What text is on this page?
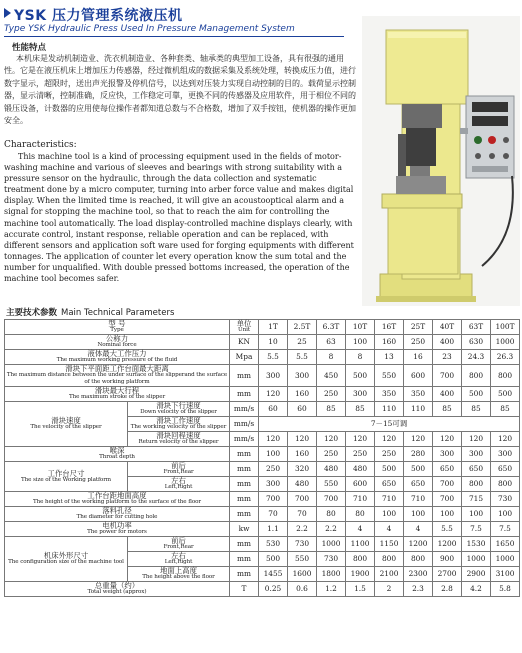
YSK 压力管理系统液压机
Type YSK Hydraulic Press Used In Pressure Management System
性能特点
本机床是发动机制造业、洗衣机制造业、各种套类、轴承类的典型加工设备，具有很强的通用性。它是在液压机床上增加压力传感器，经过微机组成的数据采集及系统处理，转换成压力值，进行数字显示，超限时，送出声光报警及停机信号，以达到对压装力实现自动控制的目的。载荷显示控制器，显示清晰，控制准确，反应快，工作稳定可靠，更换不同的传感器及应用软件，用于相位不同的锻压设备，计数器的应用使每位操作者都知道总数与不合格数，增加了双手按钮，使机器的操作更加安全。
Characteristics:
This machine tool is a kind of processing equipment used in the fields of motor-washing machine and various of sleeves and bearings with strong suitability with a pressure sensor on the hydraulic, through the data collection and systematic treatment done by a micro computer, turning into arber force value and makes digital display. When the limited time is reached, it will give an acoustooptical alarm and a signal for stopping the machine tool, so that to reach the aim for controlling the machine tool automatically. The load display-controlled machine displays clearly, with accurate control, instant response, reliable operation and can be replaced, with different sensors and application soft ware used for forging equipments with different tonnages. The application of counter let every operation know the sum total and the number for unqualified. With double pressed bottoms increased, the operation of the machine tool becomes safer.
主要技术参数 Main Technical Parameters
型 号
Type		单位
Unit	1T	2.5T	6.3T	10T	16T	25T	40T	63T	100T
公称力
Nominal force		KN	10	25	63	100	160	250	400	630	1000
液体最大工作压力
The maximum working pressure of the fluid		Mpa	5.5	5.5	8	8	13	16	23	24.3	26.3
滑块下平面距工作台面最大距离
The maximum distance between the under surface of the slipperand the surface of the working platform		mm	300	300	450	500	550	600	700	800	800
滑块最大行程
The maximum stroke of the slipper		mm	120	160	250	300	350	350	400	500	500
滑块速度
The velocity of the slipper	滑块下行速度
Down velocity of the slipper	mm/s	60	60	85	85	110	110	85	85	85
	滑块工作速度
The working velocity of the slipper	mm/s	7－15可调								
	滑块回程速度
Return velocity of the slipper	mm/s	120	120	120	120	120	120	120	120	120
喉深
Throat depth		mm	100	160	250	250	250	280	300	300	300
工作台尺寸
The size of the Working platform	前后
Front,Rear	mm	250	320	480	480	500	500	650	650	650
	左右
Left,Right	mm	300	480	550	600	650	650	700	800	800
工作台距地面高度
The height of the working platform to the surface of the floor		mm	700	700	700	710	710	710	700	715	730
落料孔径
The diameter for cutting hole		mm	70	70	80	80	100	100	100	100	100
电机功率
The power for motors		kw	1.1	2.2	2.2	4	4	4	5.5	7.5	7.5
机床外形尺寸
The configuration size of the machine tool	前后
Front,Rear	mm	530	730	1000	1100	1150	1200	1200	1530	1650
	左右
Left,Right	mm	500	550	730	800	800	800	900	1000	1000
	地面上高度
The height above the floor	mm	1455	1600	1800	1900	2100	2300	2700	2900	3100
总重量（约）
Total weight (approx)		T	0.25	0.6	1.2	1.5	2	2.3	2.8	4.2	5.8
